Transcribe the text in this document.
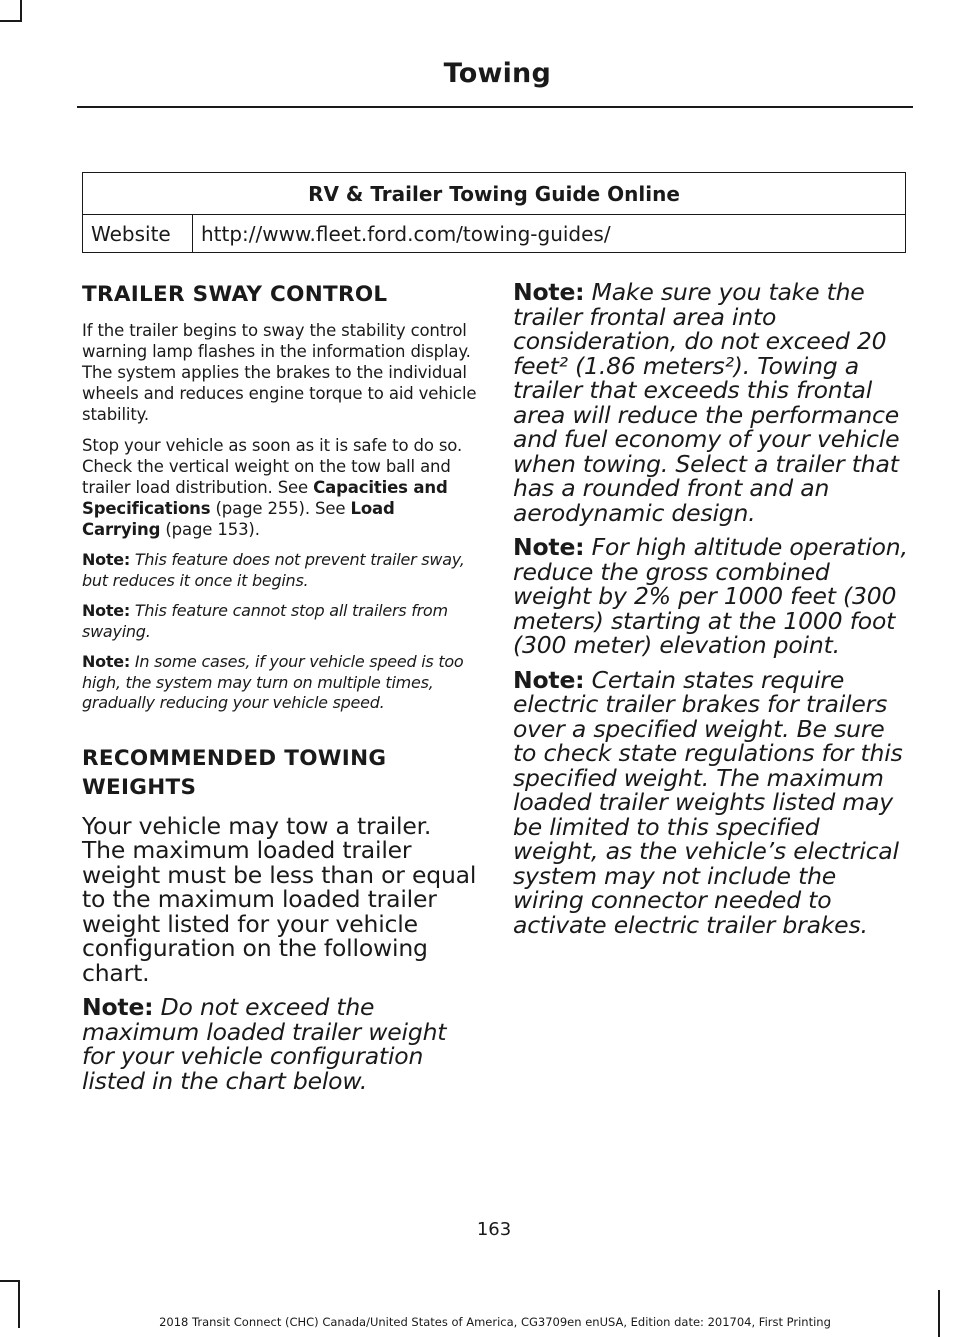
Towing
RV & Trailer Towing Guide Online
Website	http://www.fleet.ford.com/towing-guides/
TRAILER SWAY CONTROL

If the trailer begins to sway the stability control warning lamp flashes in the information display. The system applies the brakes to the individual wheels and reduces engine torque to aid vehicle stability.

Stop your vehicle as soon as it is safe to do so. Check the vertical weight on the tow ball and trailer load distribution. See Capacities and Specifications (page 255). See Load Carrying (page 153).

Note: This feature does not prevent trailer sway, but reduces it once it begins.

Note: This feature cannot stop all trailers from swaying.

Note: In some cases, if your vehicle speed is too high, the system may turn on multiple times, gradually reducing your vehicle speed.

RECOMMENDED TOWING
WEIGHTS

Your vehicle may tow a trailer. The maximum loaded trailer weight must be less than or equal to the maximum loaded trailer weight listed for your vehicle configuration on the following chart.

Note: Do not exceed the maximum loaded trailer weight for your vehicle configuration listed in the chart below.

Note: Make sure you take the trailer frontal area into consideration, do not exceed 20 feet² (1.86 meters²). Towing a trailer that exceeds this frontal area will reduce the performance and fuel economy of your vehicle when towing. Select a trailer that has a rounded front and an aerodynamic design.

Note: For high altitude operation, reduce the gross combined weight by 2% per 1000 feet (300 meters) starting at the 1000 foot (300 meter) elevation point.

Note: Certain states require electric trailer brakes for trailers over a specified weight. Be sure to check state regulations for this specified weight. The maximum loaded trailer weights listed may be limited to this specified weight, as the vehicle’s electrical system may not include the wiring connector needed to activate electric trailer brakes.

163
2018 Transit Connect (CHC) Canada/United States of America, CG3709en enUSA, Edition date: 201704, First Printing
